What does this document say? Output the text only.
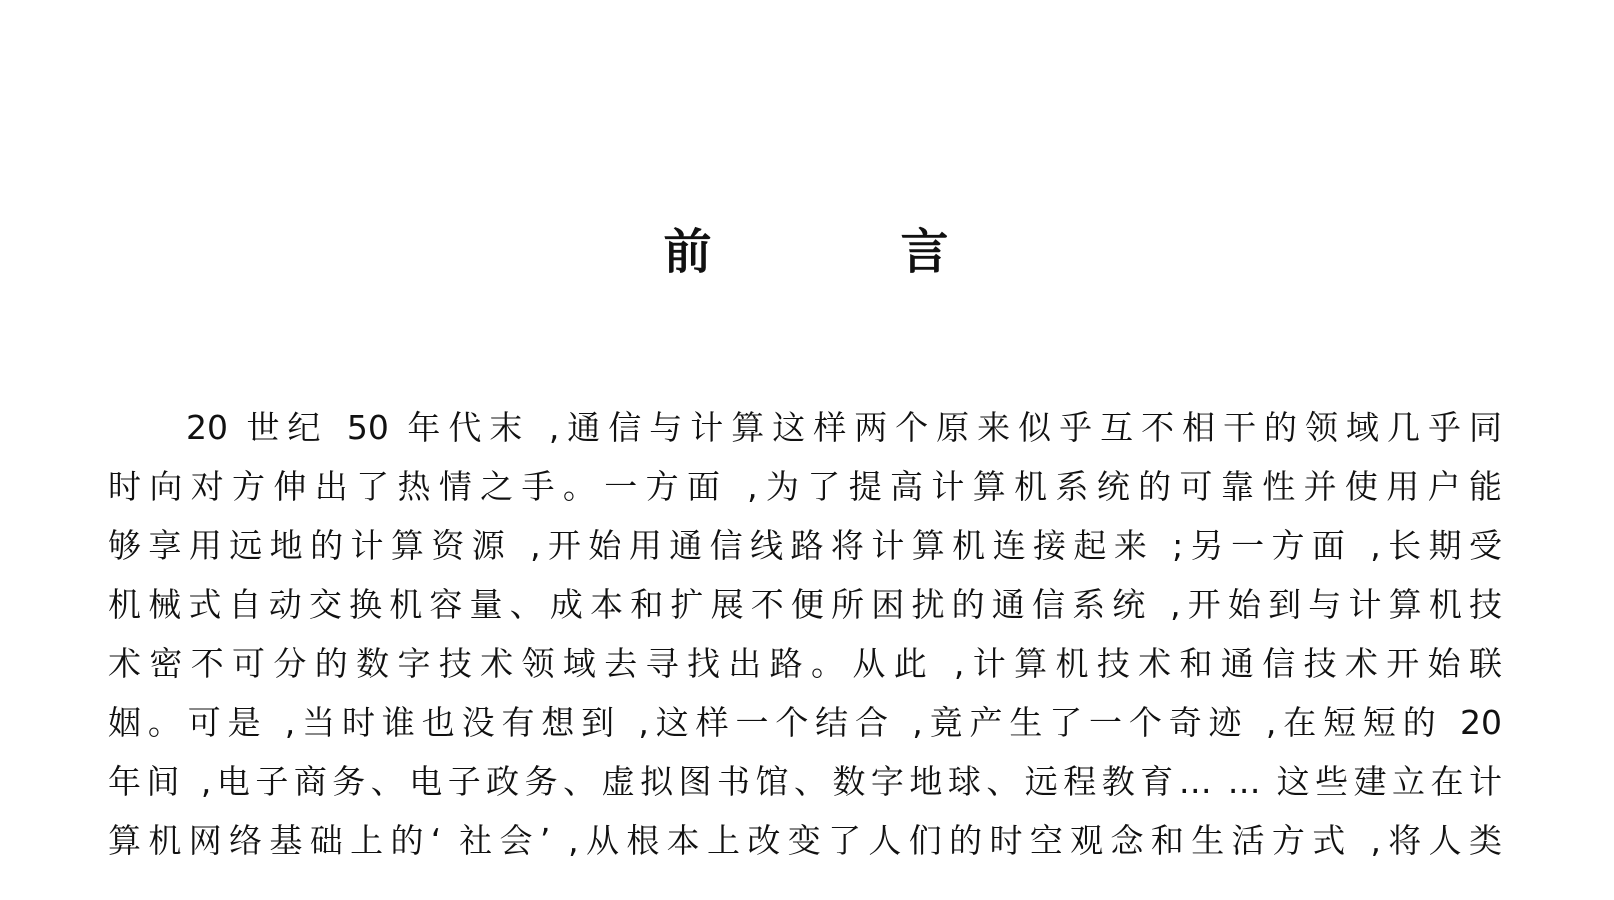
前          言
20 世纪 50 年代末 ,通信与计算这样两个原来似乎互不相干的领域几乎同
时向对方伸出了热情之手。一方面 ,为了提高计算机系统的可靠性并使用户能
够享用远地的计算资源 ,开始用通信线路将计算机连接起来 ;另一方面 ,长期受
机械式自动交换机容量、成本和扩展不便所困扰的通信系统 ,开始到与计算机技
术密不可分的数字技术领域去寻找出路。从此 ,计算机技术和通信技术开始联
姻。可是 ,当时谁也没有想到 ,这样一个结合 ,竟产生了一个奇迹 ,在短短的 20
年间 ,电子商务、电子政务、虚拟图书馆、数字地球、远程教育… … 这些建立在计
算机网络基础上的‘ 社会’ ,从根本上改变了人们的时空观念和生活方式 ,将人类
